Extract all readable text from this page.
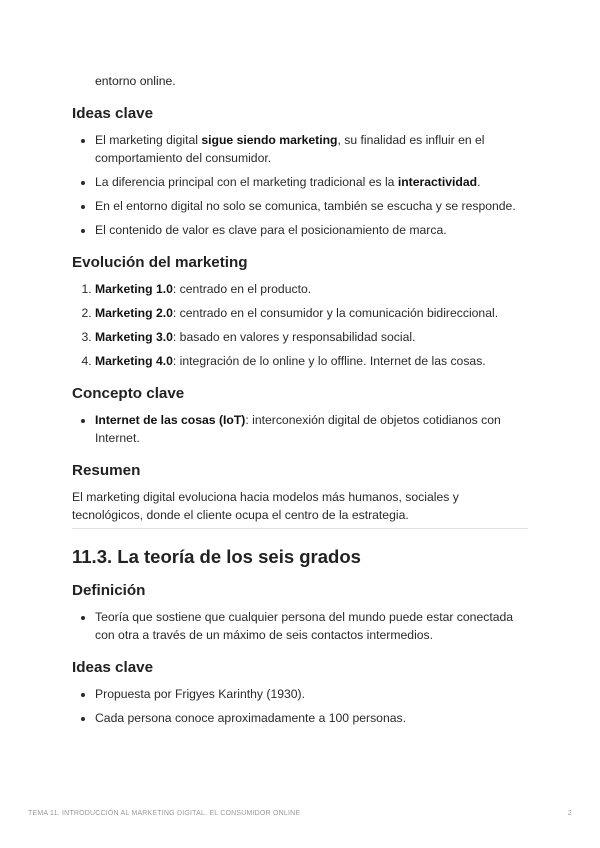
entorno online.

Ideas clave
• El marketing digital sigue siendo marketing, su finalidad es influir en el comportamiento del consumidor.
• La diferencia principal con el marketing tradicional es la interactividad.
• En el entorno digital no solo se comunica, también se escucha y se responde.
• El contenido de valor es clave para el posicionamiento de marca.
Evolución del marketing
1. Marketing 1.0: centrado en el producto.
2. Marketing 2.0: centrado en el consumidor y la comunicación bidireccional.
3. Marketing 3.0: basado en valores y responsabilidad social.
4. Marketing 4.0: integración de lo online y lo offline. Internet de las cosas.
Concepto clave
• Internet de las cosas (IoT): interconexión digital de objetos cotidianos con Internet.
Resumen

El marketing digital evoluciona hacia modelos más humanos, sociales y tecnológicos, donde el cliente ocupa el centro de la estrategia.

11.3. La teoría de los seis grados
Definición
• Teoría que sostiene que cualquier persona del mundo puede estar conectada con otra a través de un máximo de seis contactos intermedios.
Ideas clave
• Propuesta por Frigyes Karinthy (1930).
• Cada persona conoce aproximadamente a 100 personas.
TEMA 11. INTRODUCCIÓN AL MARKETING DIGITAL. EL CONSUMIDOR ONLINE	2
